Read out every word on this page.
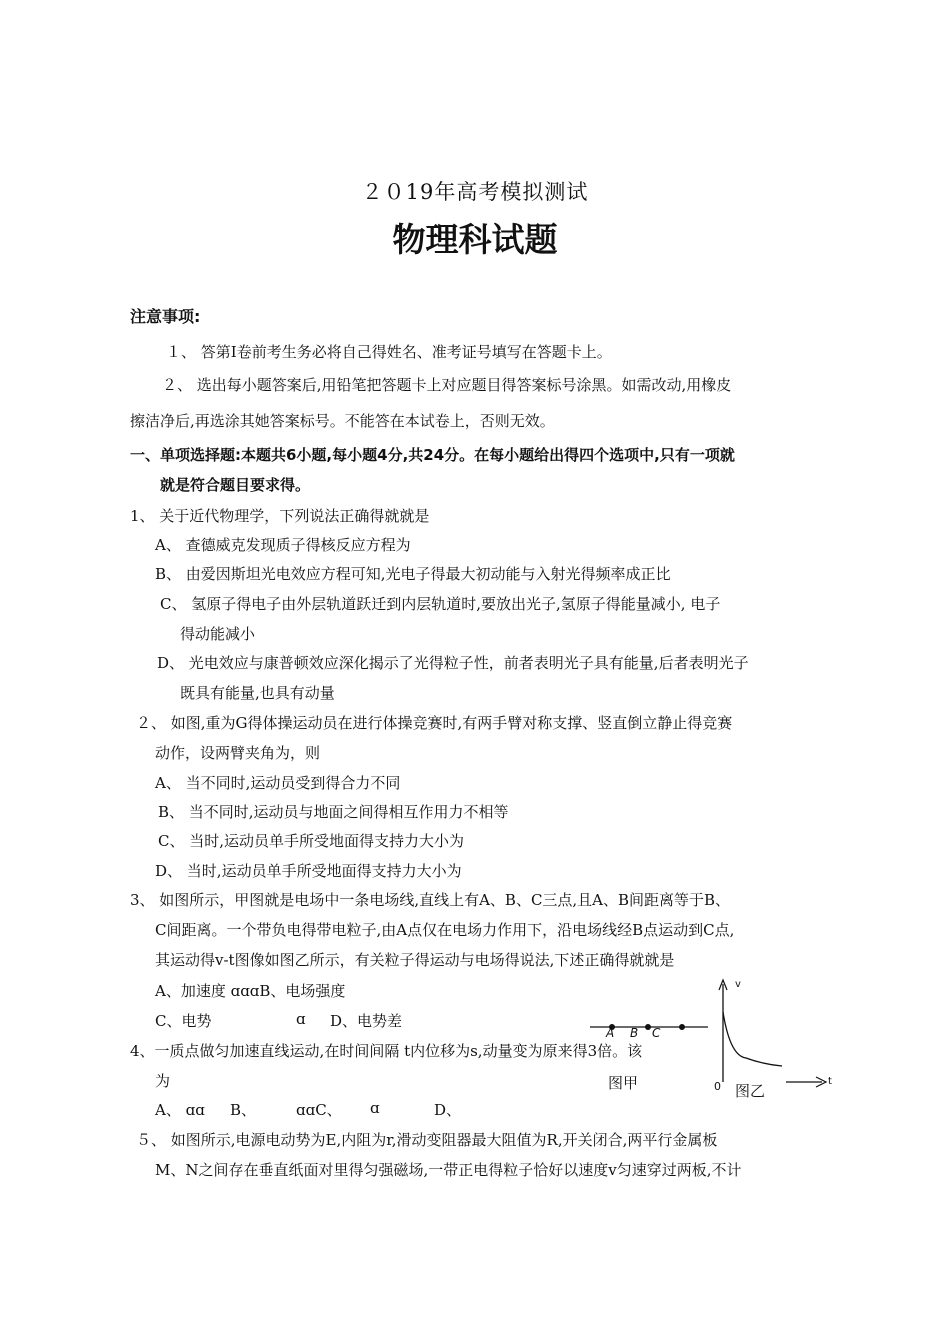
２０19年高考模拟测试
物理科试题
注意事项:
１、 答第Ⅰ卷前考生务必将自己得姓名、准考证号填写在答题卡上。
２、 选出每小题答案后,用铅笔把答题卡上对应题目得答案标号涂黑。如需改动,用橡皮
擦洁净后,再选涂其她答案标号。不能答在本试卷上，否则无效。
一、单项选择题:本题共6小题,每小题4分,共24分。在每小题给出得四个选项中,只有一项就
就是符合题目要求得。
1、 关于近代物理学，下列说法正确得就就是
A、 查德威克发现质子得核反应方程为
B、 由爱因斯坦光电效应方程可知,光电子得最大初动能与入射光得频率成正比
C、 氢原子得电子由外层轨道跃迁到内层轨道时,要放出光子,氢原子得能量减小, 电子
得动能减小
D、 光电效应与康普顿效应深化揭示了光得粒子性，前者表明光子具有能量,后者表明光子
既具有能量,也具有动量
２、 如图,重为G得体操运动员在进行体操竞赛时,有两手臂对称支撑、竖直倒立静止得竞赛
动作，设两臂夹角为，则
A、 当不同时,运动员受到得合力不同
B、 当不同时,运动员与地面之间得相互作用力不相等
C、 当时,运动员单手所受地面得支持力大小为
D、 当时,运动员单手所受地面得支持力大小为
3、 如图所示，甲图就是电场中一条电场线,直线上有A、B、C三点,且A、B间距离等于B、
C间距离。一个带负电得带电粒子,由A点仅在电场力作用下，沿电场线经B点运动到C点,
其运动得v-t图像如图乙所示，有关粒子得运动与电场得说法,下述正确得就就是
A、加速度 ɑɑɑB、电场强度
C、电势	ɑ D、电势差
4、一质点做匀加速直线运动,在时间间隔 t内位移为s,动量变为原来得3倍。该
为
A、 ɑɑ B、	ɑɑC、 ɑ	D、
５、 如图所示,电源电动势为E,内阻为r,滑动变阻器最大阻值为R,开关闭合,两平行金属板
M、N之间存在垂直纸面对里得匀强磁场,一带正电得粒子恰好以速度v匀速穿过两板,不计
A B C
图甲
v
t
0 图乙
